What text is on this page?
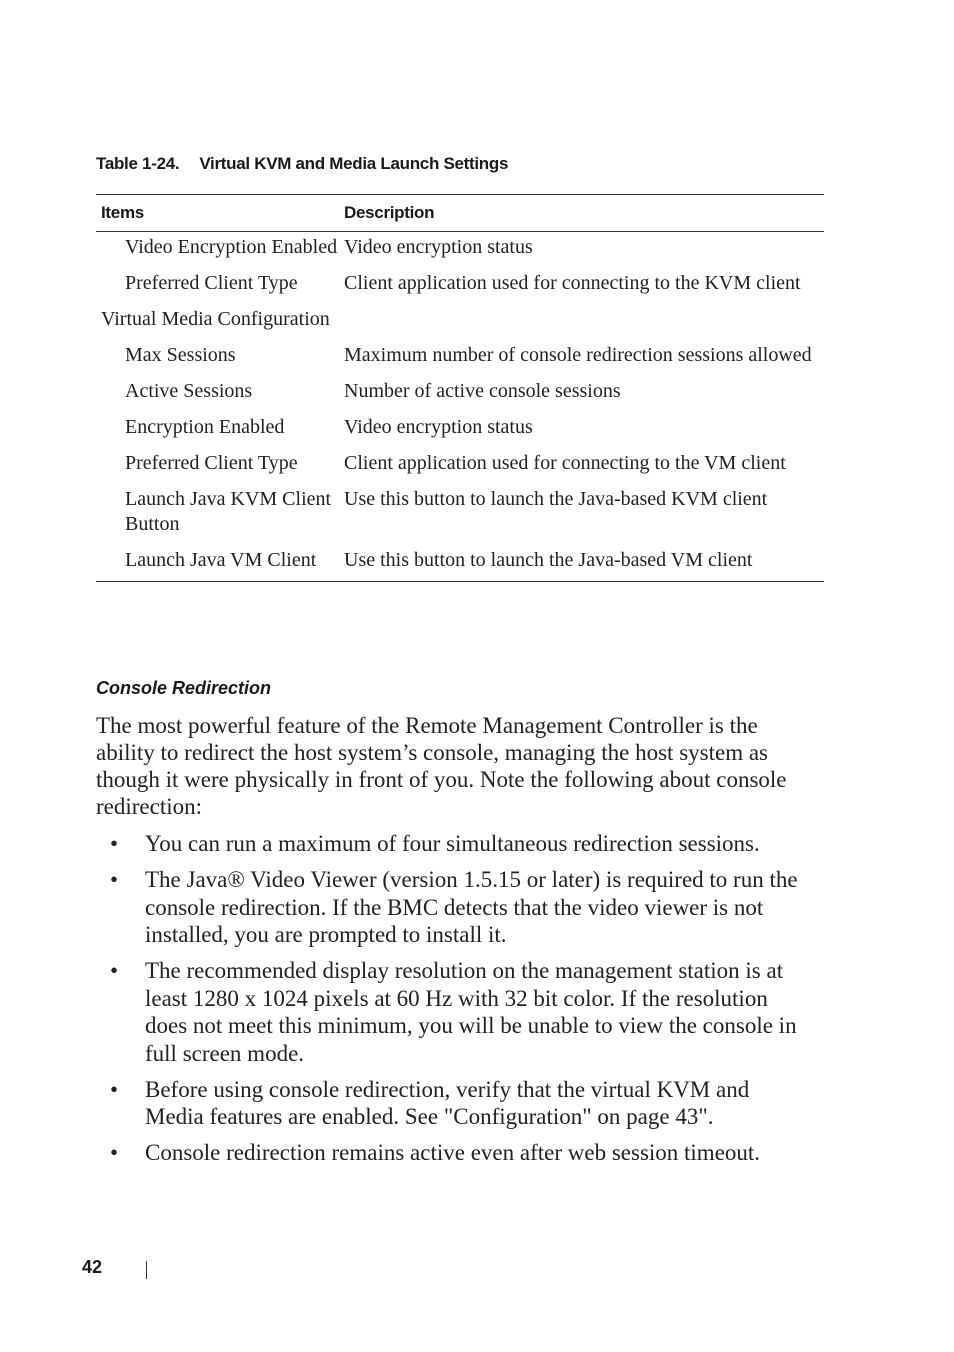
Table 1-24. Virtual KVM and Media Launch Settings
Items	Description
Video Encryption Enabled	Video encryption status
Preferred Client Type	Client application used for connecting to the KVM client
Virtual Media Configuration	
Max Sessions	Maximum number of console redirection sessions allowed
Active Sessions	Number of active console sessions
Encryption Enabled	Video encryption status
Preferred Client Type	Client application used for connecting to the VM client
Launch Java KVM Client Button	Use this button to launch the Java-based KVM client
Launch Java VM Client	Use this button to launch the Java-based VM client
Console Redirection

The most powerful feature of the Remote Management Controller is the ability to redirect the host system’s console, managing the host system as though it were physically in front of you. Note the following about console redirection:

• You can run a maximum of four simultaneous redirection sessions.
• The Java® Video Viewer (version 1.5.15 or later) is required to run the console redirection. If the BMC detects that the video viewer is not installed, you are prompted to install it.
• The recommended display resolution on the management station is at least 1280 x 1024 pixels at 60 Hz with 32 bit color. If the resolution does not meet this minimum, you will be unable to view the console in full screen mode.
• Before using console redirection, verify that the virtual KVM and Media features are enabled. See "Configuration" on page 43".
• Console redirection remains active even after web session timeout.
42
